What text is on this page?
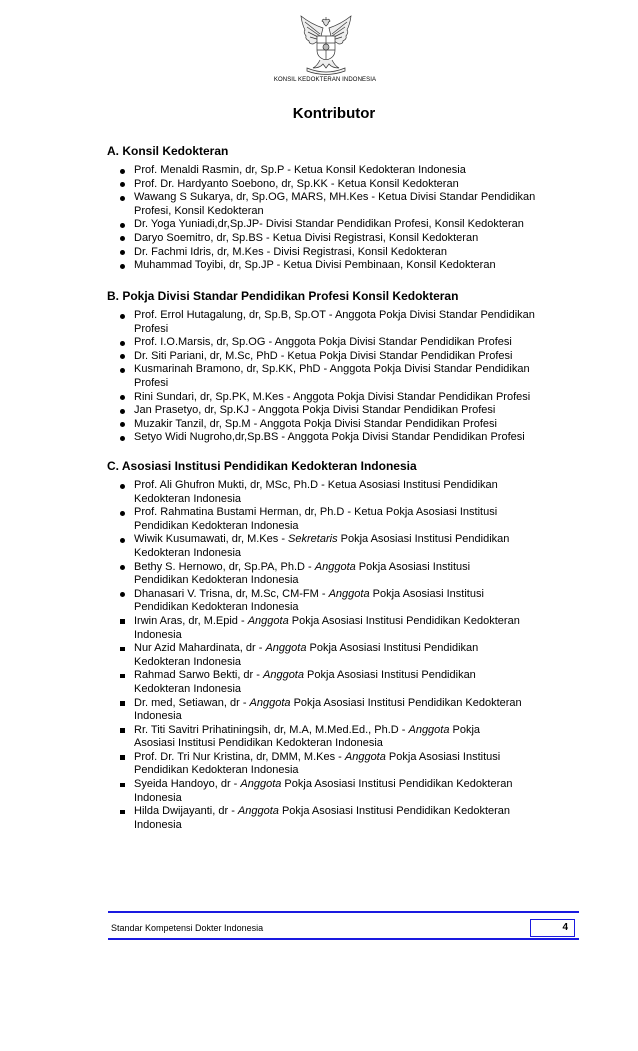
KONSIL KEDOKTERAN INDONESIA
Kontributor
A. Konsil Kedokteran
Prof. Menaldi Rasmin, dr, Sp.P - Ketua Konsil Kedokteran Indonesia
Prof. Dr. Hardyanto Soebono, dr, Sp.KK - Ketua Konsil Kedokteran
Wawang S Sukarya, dr, Sp.OG, MARS, MH.Kes - Ketua Divisi Standar Pendidikan
Profesi, Konsil Kedokteran
Dr. Yoga Yuniadi,dr,Sp.JP- Divisi Standar Pendidikan Profesi, Konsil Kedokteran
Daryo Soemitro, dr, Sp.BS - Ketua Divisi Registrasi, Konsil Kedokteran
Dr. Fachmi Idris, dr, M.Kes - Divisi Registrasi, Konsil Kedokteran
Muhammad Toyibi, dr, Sp.JP - Ketua Divisi Pembinaan, Konsil Kedokteran
B. Pokja Divisi Standar Pendidikan Profesi Konsil Kedokteran
Prof. Errol Hutagalung, dr, Sp.B, Sp.OT - Anggota Pokja Divisi Standar Pendidikan
Profesi
Prof. I.O.Marsis, dr, Sp.OG - Anggota Pokja Divisi Standar Pendidikan Profesi
Dr. Siti Pariani, dr, M.Sc, PhD - Ketua Pokja Divisi Standar Pendidikan Profesi
Kusmarinah Bramono, dr, Sp.KK, PhD - Anggota Pokja Divisi Standar Pendidikan
Profesi
Rini Sundari, dr, Sp.PK, M.Kes - Anggota Pokja Divisi Standar Pendidikan Profesi
Jan Prasetyo, dr, Sp.KJ - Anggota Pokja Divisi Standar Pendidikan Profesi
Muzakir Tanzil, dr, Sp.M - Anggota Pokja Divisi Standar Pendidikan Profesi
Setyo Widi Nugroho,dr,Sp.BS - Anggota Pokja Divisi Standar Pendidikan Profesi
C. Asosiasi Institusi Pendidikan Kedokteran Indonesia
Prof. Ali Ghufron Mukti, dr, MSc, Ph.D - Ketua Asosiasi Institusi Pendidikan
Kedokteran Indonesia
Prof. Rahmatina Bustami Herman, dr, Ph.D - Ketua Pokja Asosiasi Institusi
Pendidikan Kedokteran Indonesia
Wiwik Kusumawati, dr, M.Kes - Sekretaris Pokja Asosiasi Institusi Pendidikan
Kedokteran Indonesia
Bethy S. Hernowo, dr, Sp.PA, Ph.D - Anggota Pokja Asosiasi Institusi
Pendidikan Kedokteran Indonesia
Dhanasari V. Trisna, dr, M.Sc, CM-FM - Anggota Pokja Asosiasi Institusi
Pendidikan Kedokteran Indonesia
Irwin Aras, dr, M.Epid - Anggota Pokja Asosiasi Institusi Pendidikan Kedokteran
Indonesia
Nur Azid Mahardinata, dr - Anggota Pokja Asosiasi Institusi Pendidikan
Kedokteran Indonesia
Rahmad Sarwo Bekti, dr - Anggota Pokja Asosiasi Institusi Pendidikan
Kedokteran Indonesia
Dr. med, Setiawan, dr - Anggota Pokja Asosiasi Institusi Pendidikan Kedokteran
Indonesia
Rr. Titi Savitri Prihatiningsih, dr, M.A, M.Med.Ed., Ph.D - Anggota Pokja
Asosiasi Institusi Pendidikan Kedokteran Indonesia
Prof. Dr. Tri Nur Kristina, dr, DMM, M.Kes - Anggota Pokja Asosiasi Institusi
Pendidikan Kedokteran Indonesia
Syeida Handoyo, dr - Anggota Pokja Asosiasi Institusi Pendidikan Kedokteran
Indonesia
Hilda Dwijayanti, dr - Anggota Pokja Asosiasi Institusi Pendidikan Kedokteran
Indonesia
Standar Kompetensi Dokter Indonesia	4
